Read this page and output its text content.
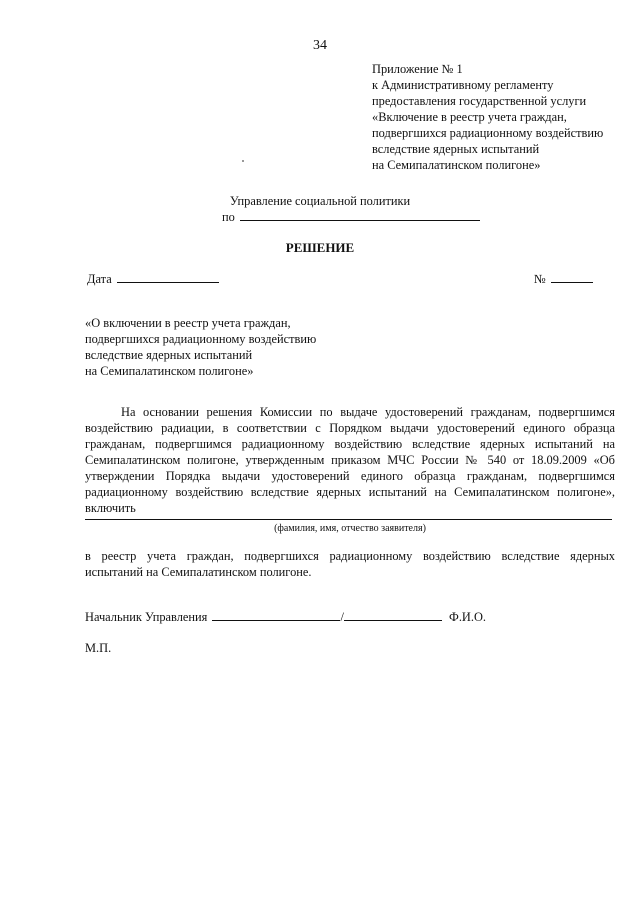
34
Приложение № 1
к Административному регламенту
предоставления государственной услуги
«Включение в реестр учета граждан,
подвергшихся радиационному воздействию
вследствие ядерных испытаний
на Семипалатинском полигоне»
Управление социальной политики
по
РЕШЕНИЕ
Дата	№
«О включении в реестр учета граждан,
подвергшихся радиационному воздействию
вследствие ядерных испытаний
на Семипалатинском полигоне»
На основании решения Комиссии по выдаче удостоверений гражданам, подвергшимся воздействию радиации, в соответствии с Порядком выдачи удостоверений единого образца гражданам, подвергшимся радиационному воздействию вследствие ядерных испытаний на Семипалатинском полигоне, утвержденным приказом МЧС России № 540 от 18.09.2009 «Об утверждении Порядка выдачи удостоверений единого образца гражданам, подвергшимся радиационному воздействию вследствие ядерных испытаний на Семипалатинском полигоне», включить
(фамилия, имя, отчество заявителя)
в реестр учета граждан, подвергшихся радиационному воздействию вследствие ядерных испытаний на Семипалатинском полигоне.
Начальник Управления	/	Ф.И.О.
М.П.
